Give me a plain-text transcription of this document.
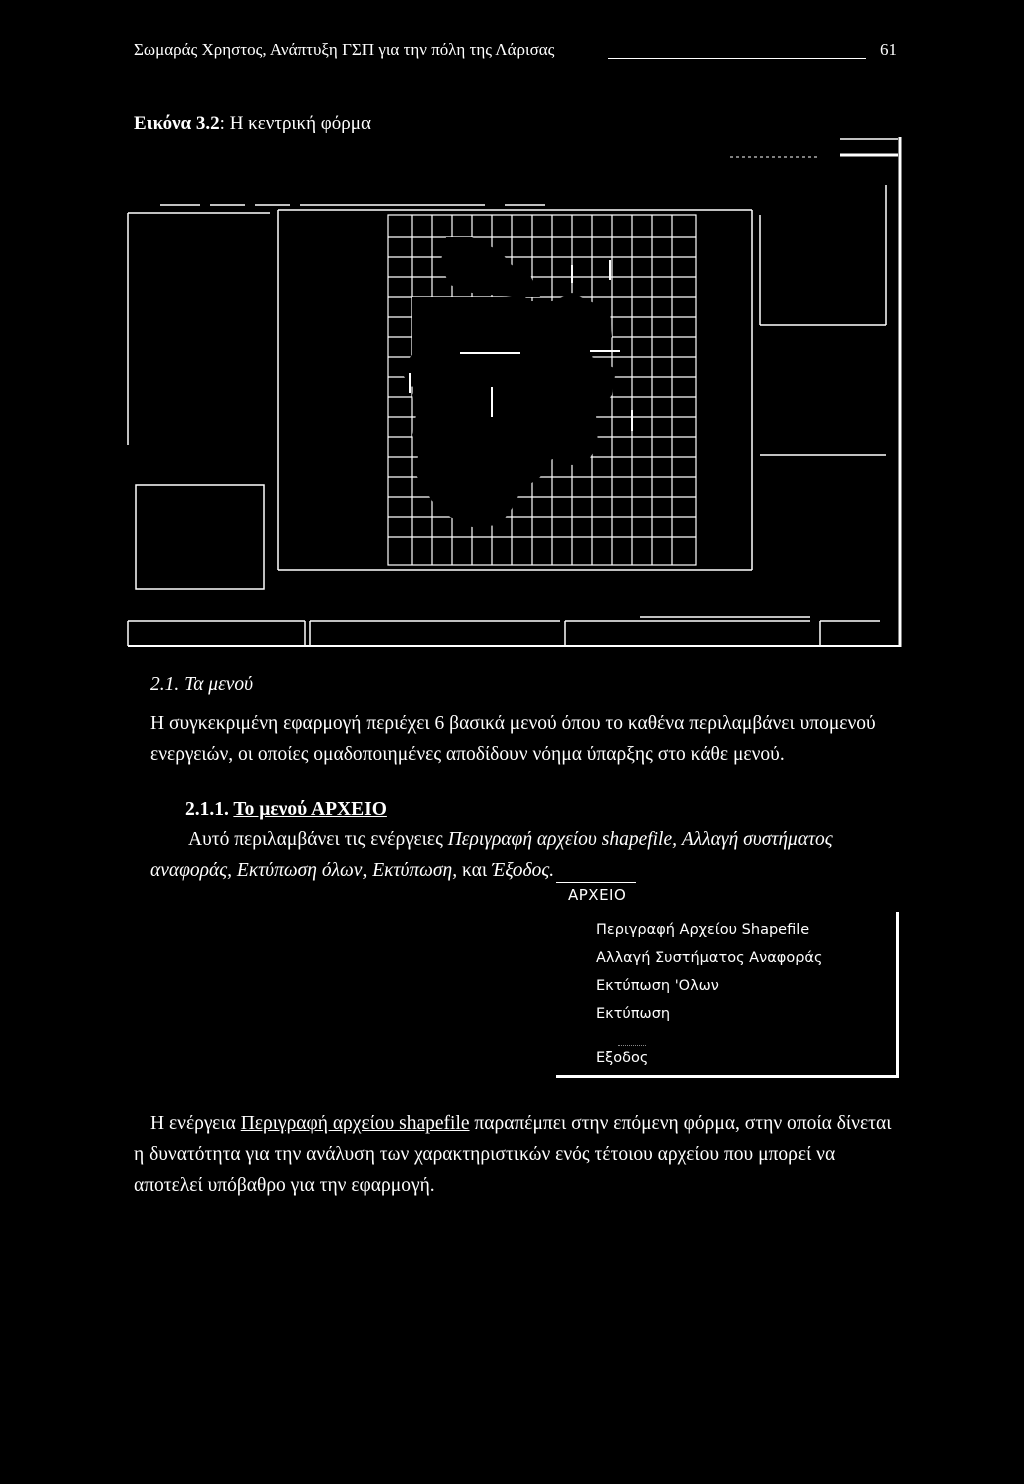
Σωμαράς Χρηστος, Ανάπτυξη ΓΣΠ για την πόλη της Λάρισας	61
Εικόνα 3.2: Η κεντρική φόρμα
2.1. Τα μενού
Η συγκεκριμένη εφαρμογή περιέχει 6 βασικά μενού όπου το καθένα περιλαμβάνει υπομενού ενεργειών, οι οποίες ομαδοποιημένες αποδίδουν νόημα ύπαρξης στο κάθε μενού.
2.1.1. Το μενού ΑΡΧΕΙΟ
Αυτό περιλαμβάνει τις ενέργειες Περιγραφή αρχείου shapefile, Αλλαγή συστήματος αναφοράς, Εκτύπωση όλων, Εκτύπωση, και Έξοδος.
ΑΡΧΕΙΟ
Περιγραφή Αρχείου Shapefile
Αλλαγή Συστήματος Αναφοράς
Εκτύπωση 'Ολων
Εκτύπωση
Εξοδος
Η ενέργεια Περιγραφή αρχείου shapefile παραπέμπει στην επόμενη φόρμα, στην οποία δίνεται η δυνατότητα για την ανάλυση των χαρακτηριστικών ενός τέτοιου αρχείου που μπορεί να αποτελεί υπόβαθρο για την εφαρμογή.
